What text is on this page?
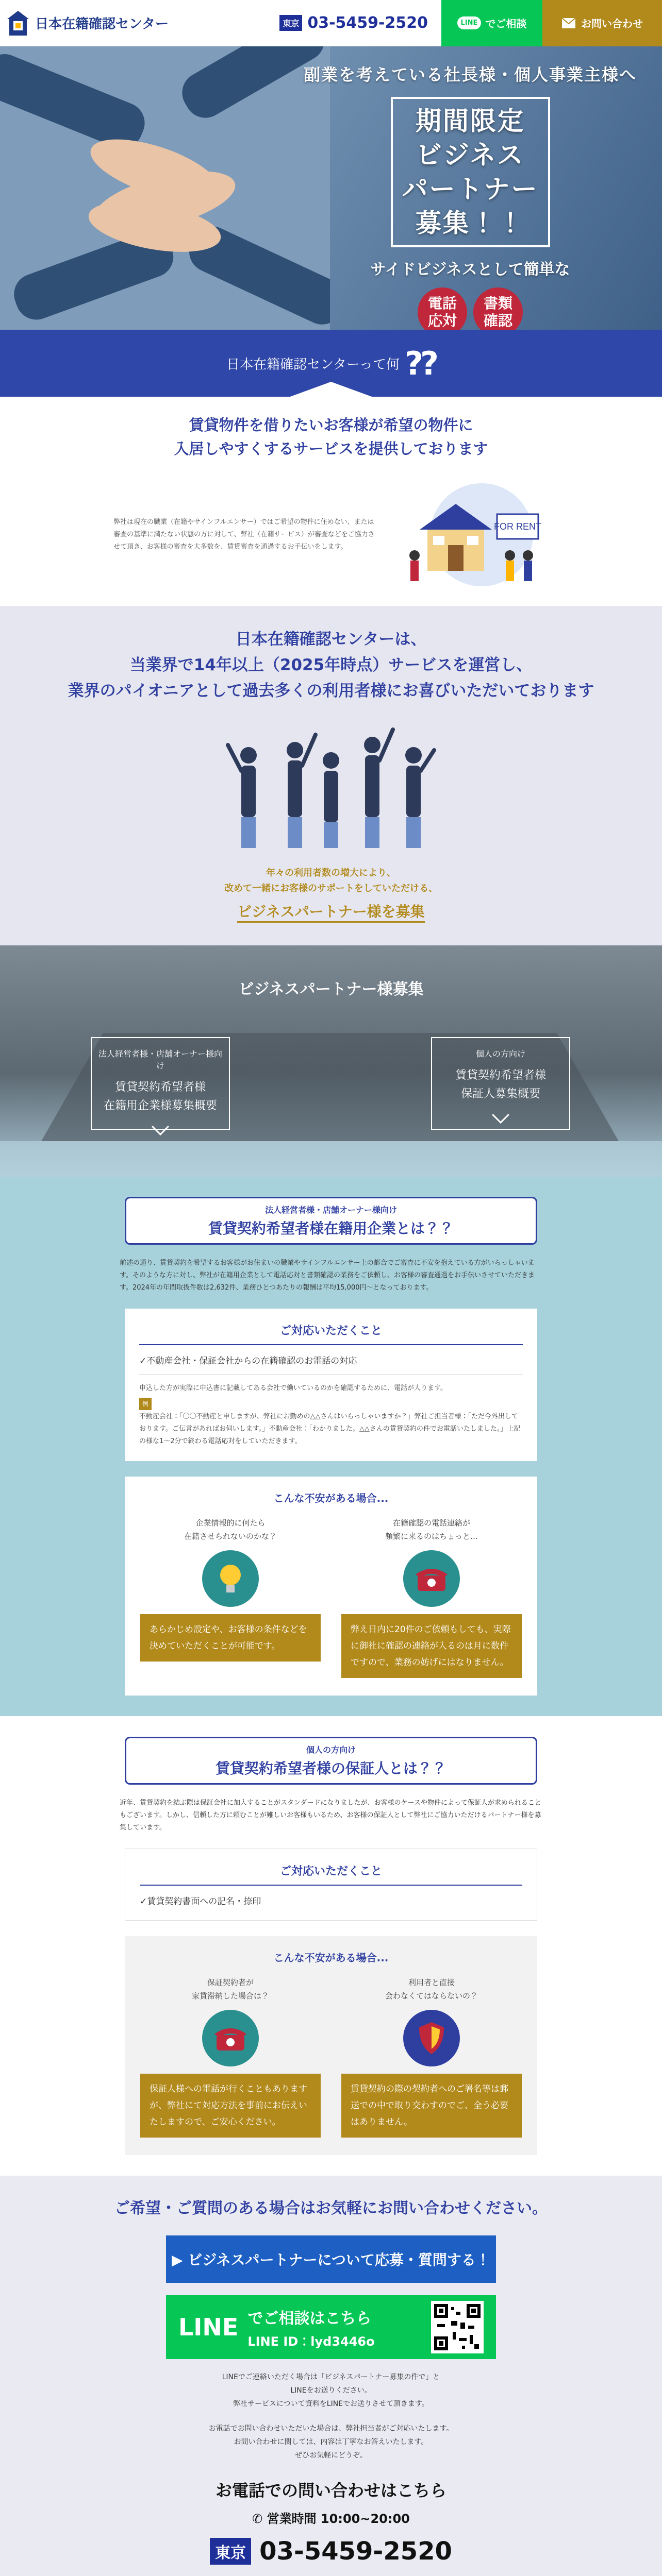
日本在籍確認センター	東京 03-5459-2520	LINE でご相談	お問い合わせ
副業を考えている社長様・個人事業主様へ
期間限定
ビジネス
パートナー
募集！！
サイドビジネスとして簡単な
電話
応対
書類
確認
日本在籍確認センターって何 ??
賃貸物件を借りたいお客様が希望の物件に
入居しやすくするサービスを提供しております

弊社は現在の職業（在籍やサインフルエンサー）ではご希望の物件に住めない、または審査の基準に満たない状態の方に対して、弊社（在籍サービス）が審査などをご協力させて頂き、お客様の審査を大多数を、賃貸審査を通過するお手伝いをします。

FOR RENT
日本在籍確認センターは、
当業界で14年以上（2025年時点）サービスを運営し、
業界のパイオニアとして過去多くの利用者様にお喜びいただいております
年々の利用者数の増大により、
改めて一緒にお客様のサポートをしていただける、
ビジネスパートナー様を募集
ビジネスパートナー様募集
法人経営者様・店舗オーナー様向け
賃貸契約希望者様
在籍用企業様募集概要
個人の方向け
賃貸契約希望者様
保証人募集概要
法人経営者様・店舗オーナー様向け
賃貸契約希望者様在籍用企業とは？？

前述の通り、賃貸契約を希望するお客様がお住まいの職業やサインフルエンサー上の都合でご審査に不安を抱えている方がいらっしゃいます。そのような方に対し、弊社が在籍用企業として電話応対と書類確認の業務をご依頼し、お客様の審査通過をお手伝いさせていただきます。2024年の年間取扱件数は2,632件、業務ひとつあたりの報酬は平均15,000円〜となっております。

ご対応いただくこと
✓不動産会社・保証会社からの在籍確認のお電話の対応

申込した方が実際に申込書に記載してある会社で働いているのかを確認するために、電話が入ります。

例

不動産会社：「〇〇不動産と申しますが、弊社にお勤めの△△さんはいらっしゃいますか？」弊社ご担当者様：「ただ今外出しております。ご伝言があればお伺いします。」不動産会社：「わかりました。△△さんの賃貸契約の件でお電話いたしました。」上記の様な1〜2分で終わる電話応対をしていただきます。

こんな不安がある場合...
企業情報的に何たら
在籍させられないのかな？
あらかじめ設定や、お客様の条件などを決めていただくことが可能です。
在籍確認の電話連絡が
頻繁に来るのはちょっと…
弊え日内に20件のご依頼もしても、実際に御社に確認の連絡が入るのは月に数件ですので、業務の妨げにはなりません。
個人の方向け
賃貸契約希望者様の保証人とは？？

近年、賃貸契約を結ぶ際は保証会社に加入することがスタンダードになりましたが、お客様のケースや物件によって保証人が求められることもございます。しかし、信頼した方に頼むことが難しいお客様もいるため、お客様の保証人として弊社にご協力いただけるパートナー様を募集しています。

ご対応いただくこと
✓賃貸契約書面への記名・捺印
こんな不安がある場合...
保証契約者が
家賃滞納した場合は？
保証人様への電話が行くこともありますが、弊社にて対応方法を事前にお伝えいたしますので、ご安心ください。
利用者と直接
会わなくてはならないの？
賃貸契約の際の契約者へのご署名等は郵送での中で取り交わすのでご、全う必要はありません。
ご希望・ご質問のある場合はお気軽にお問い合わせください。
▶ ビジネスパートナーについて応募・質問する！
LINE でご相談はこちら
LINE ID：lyd3446o
LINEでご連絡いただく場合は「ビジネスパートナー募集の件で」と
LINEをお送りください。
弊社サービスについて資料をLINEでお送りさせて頂きます。
お電話でお問い合わせいただいた場合は、弊社担当者がご対応いたします。
お問い合わせに関しては、内容は丁寧なお答えいたします。
ぜひお気軽にどうぞ。
お電話での問い合わせはこちら
✆ 営業時間 10:00~20:00
東京 03-5459-2520
